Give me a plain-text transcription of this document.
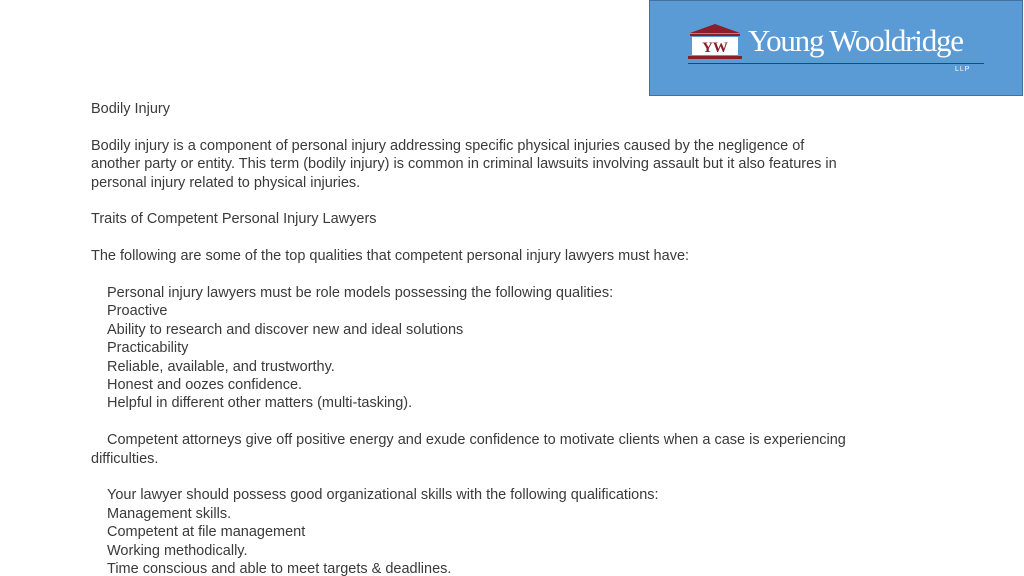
YW Young Wooldridge
LLP

Bodily Injury

Bodily injury is a component of personal injury addressing specific physical injuries caused by the negligence of another party or entity. This term (bodily injury) is common in criminal lawsuits involving assault but it also features in personal injury related to physical injuries.

Traits of Competent Personal Injury Lawyers

The following are some of the top qualities that competent personal injury lawyers must have:

Personal injury lawyers must be role models possessing the following qualities:

Proactive

Ability to research and discover new and ideal solutions

Practicability

Reliable, available, and trustworthy.

Honest and oozes confidence.

Helpful in different other matters (multi-tasking).

Competent attorneys give off positive energy and exude confidence to motivate clients when a case is experiencing difficulties.

Your lawyer should possess good organizational skills with the following qualifications:

Management skills.

Competent at file management

Working methodically.

Time conscious and able to meet targets & deadlines.
